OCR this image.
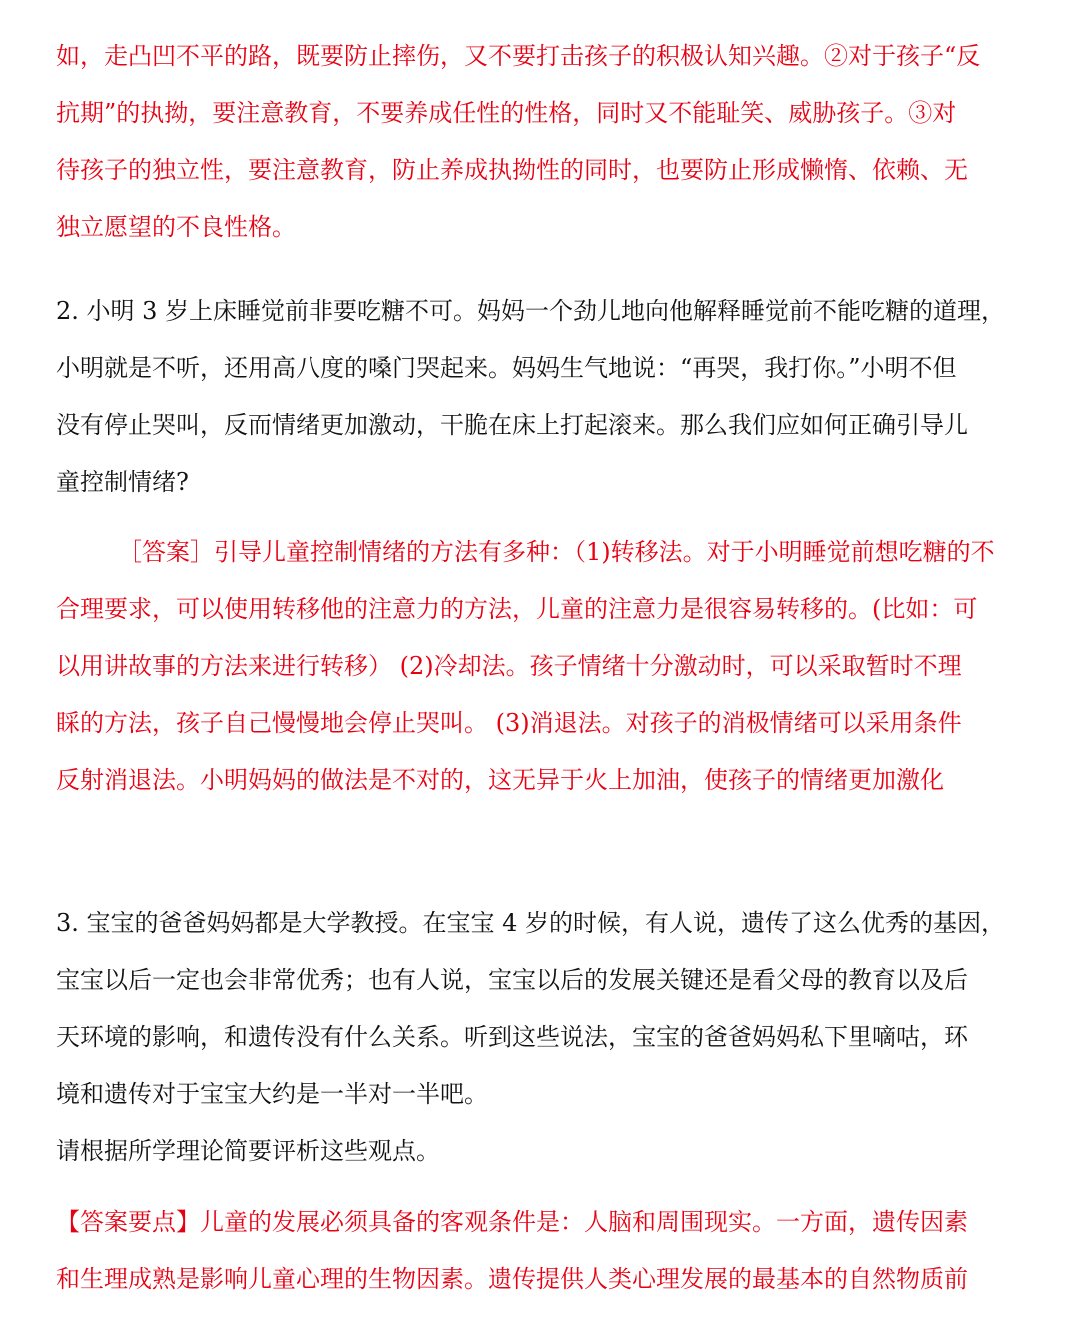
如，走凸凹不平的路，既要防止摔伤，又不要打击孩子的积极认知兴趣。②对于孩子“反
抗期”的执拗，要注意教育，不要养成任性的性格，同时又不能耻笑、威胁孩子。③对
待孩子的独立性，要注意教育，防止养成执拗性的同时，也要防止形成懒惰、依赖、无
独立愿望的不良性格。
2. 小明 3 岁上床睡觉前非要吃糖不可。妈妈一个劲儿地向他解释睡觉前不能吃糖的道理，
小明就是不听，还用高八度的嗓门哭起来。妈妈生气地说：“再哭，我打你。”小明不但
没有停止哭叫，反而情绪更加激动，干脆在床上打起滚来。那么我们应如何正确引导儿
童控制情绪?
［答案］引导儿童控制情绪的方法有多种：（1)转移法。对于小明睡觉前想吃糖的不
合理要求，可以使用转移他的注意力的方法，儿童的注意力是很容易转移的。(比如：可
以用讲故事的方法来进行转移） (2)冷却法。孩子情绪十分激动时，可以采取暂时不理
睬的方法，孩子自己慢慢地会停止哭叫。 (3)消退法。对孩子的消极情绪可以采用条件
反射消退法。小明妈妈的做法是不对的，这无异于火上加油，使孩子的情绪更加激化
3. 宝宝的爸爸妈妈都是大学教授。在宝宝 4 岁的时候，有人说，遗传了这么优秀的基因，
宝宝以后一定也会非常优秀；也有人说，宝宝以后的发展关键还是看父母的教育以及后
天环境的影响，和遗传没有什么关系。听到这些说法，宝宝的爸爸妈妈私下里嘀咕，环
境和遗传对于宝宝大约是一半对一半吧。
请根据所学理论简要评析这些观点。
【答案要点】儿童的发展必须具备的客观条件是：人脑和周围现实。一方面，遗传因素
和生理成熟是影响儿童心理的生物因素。遗传提供人类心理发展的最基本的自然物质前
